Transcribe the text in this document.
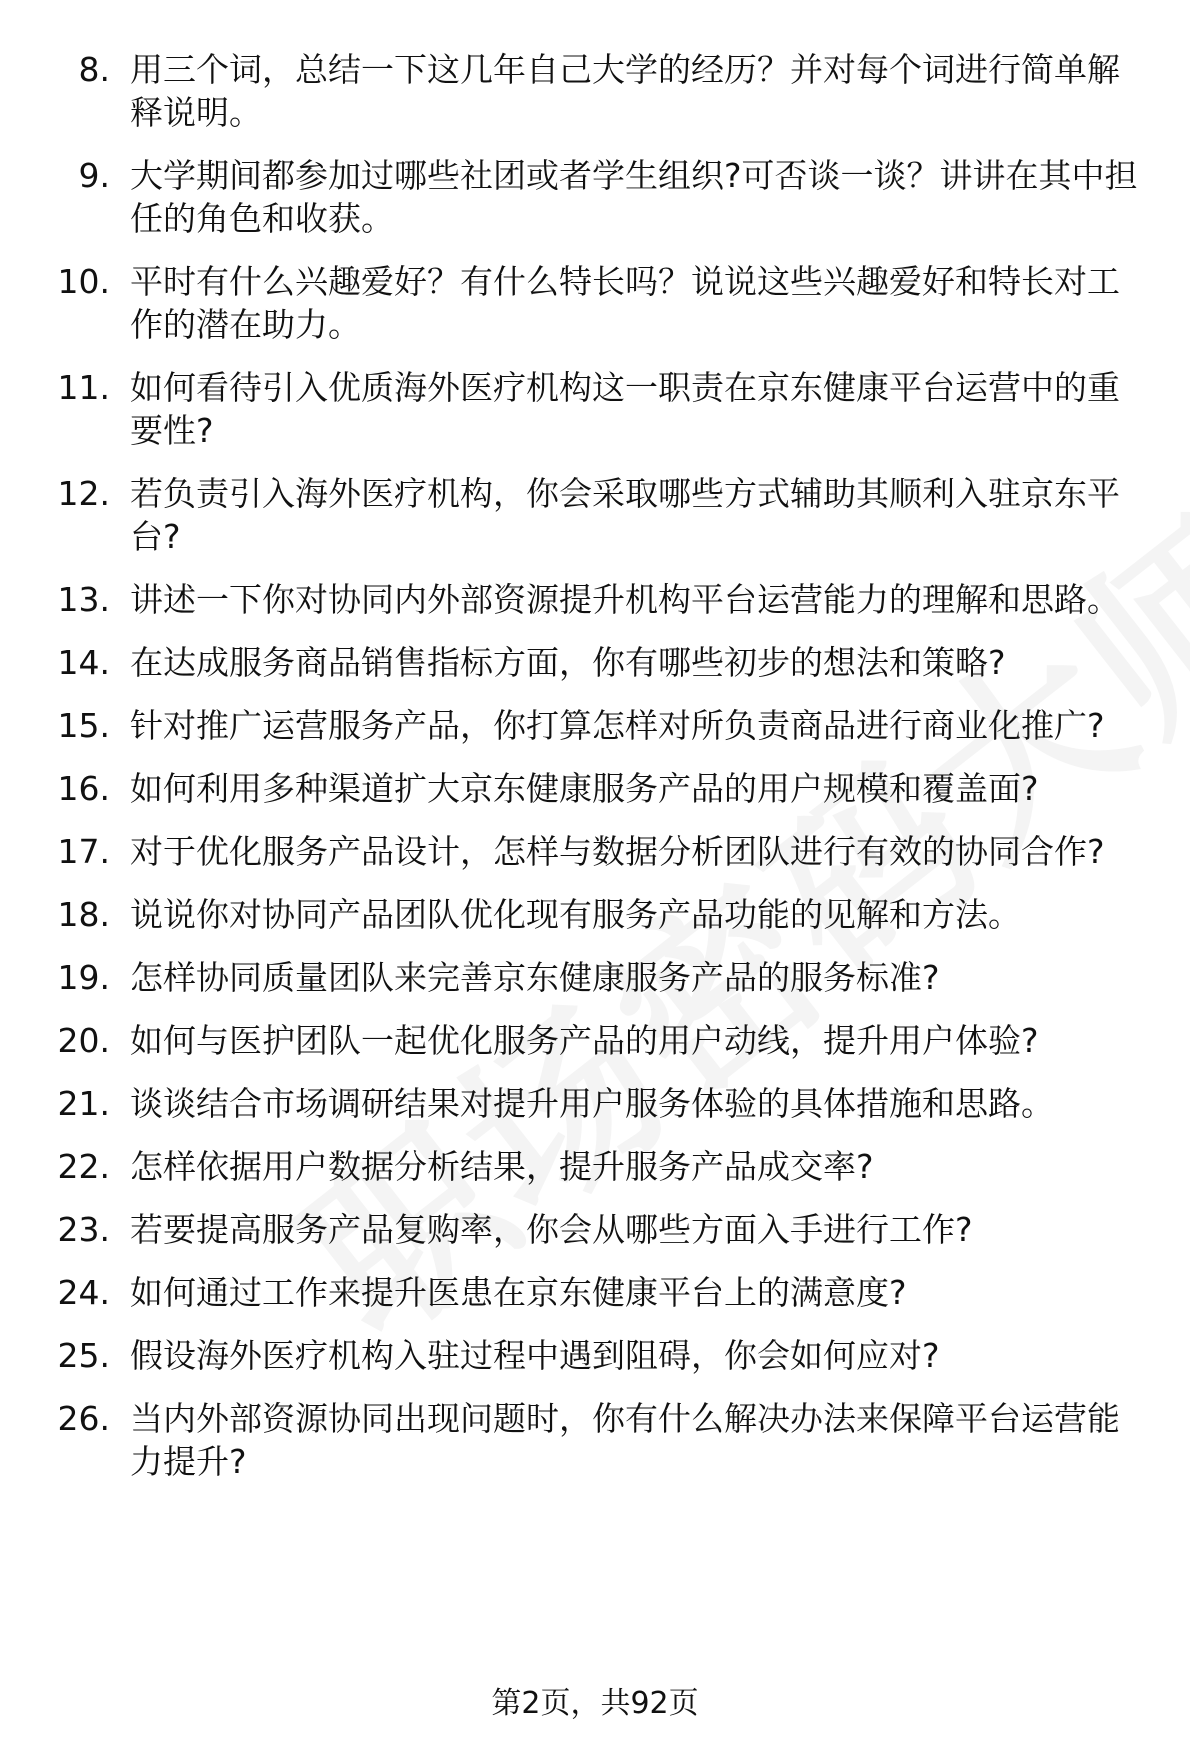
8. 用三个词，总结一下这几年自己大学的经历？并对每个词进行简单解释说明。
9. 大学期间都参加过哪些社团或者学生组织?可否谈一谈？讲讲在其中担任的角色和收获。
10. 平时有什么兴趣爱好？有什么特长吗？说说这些兴趣爱好和特长对工作的潜在助力。
11. 如何看待引入优质海外医疗机构这一职责在京东健康平台运营中的重要性?
12. 若负责引入海外医疗机构，你会采取哪些方式辅助其顺利入驻京东平台?
13. 讲述一下你对协同内外部资源提升机构平台运营能力的理解和思路。
14. 在达成服务商品销售指标方面，你有哪些初步的想法和策略?
15. 针对推广运营服务产品，你打算怎样对所负责商品进行商业化推广?
16. 如何利用多种渠道扩大京东健康服务产品的用户规模和覆盖面?
17. 对于优化服务产品设计，怎样与数据分析团队进行有效的协同合作?
18. 说说你对协同产品团队优化现有服务产品功能的见解和方法。
19. 怎样协同质量团队来完善京东健康服务产品的服务标准?
20. 如何与医护团队一起优化服务产品的用户动线，提升用户体验?
21. 谈谈结合市场调研结果对提升用户服务体验的具体措施和思路。
22. 怎样依据用户数据分析结果，提升服务产品成交率?
23. 若要提高服务产品复购率，你会从哪些方面入手进行工作?
24. 如何通过工作来提升医患在京东健康平台上的满意度?
25. 假设海外医疗机构入驻过程中遇到阻碍，你会如何应对?
26. 当内外部资源协同出现问题时，你有什么解决办法来保障平台运营能力提升?
第2页，共92页
